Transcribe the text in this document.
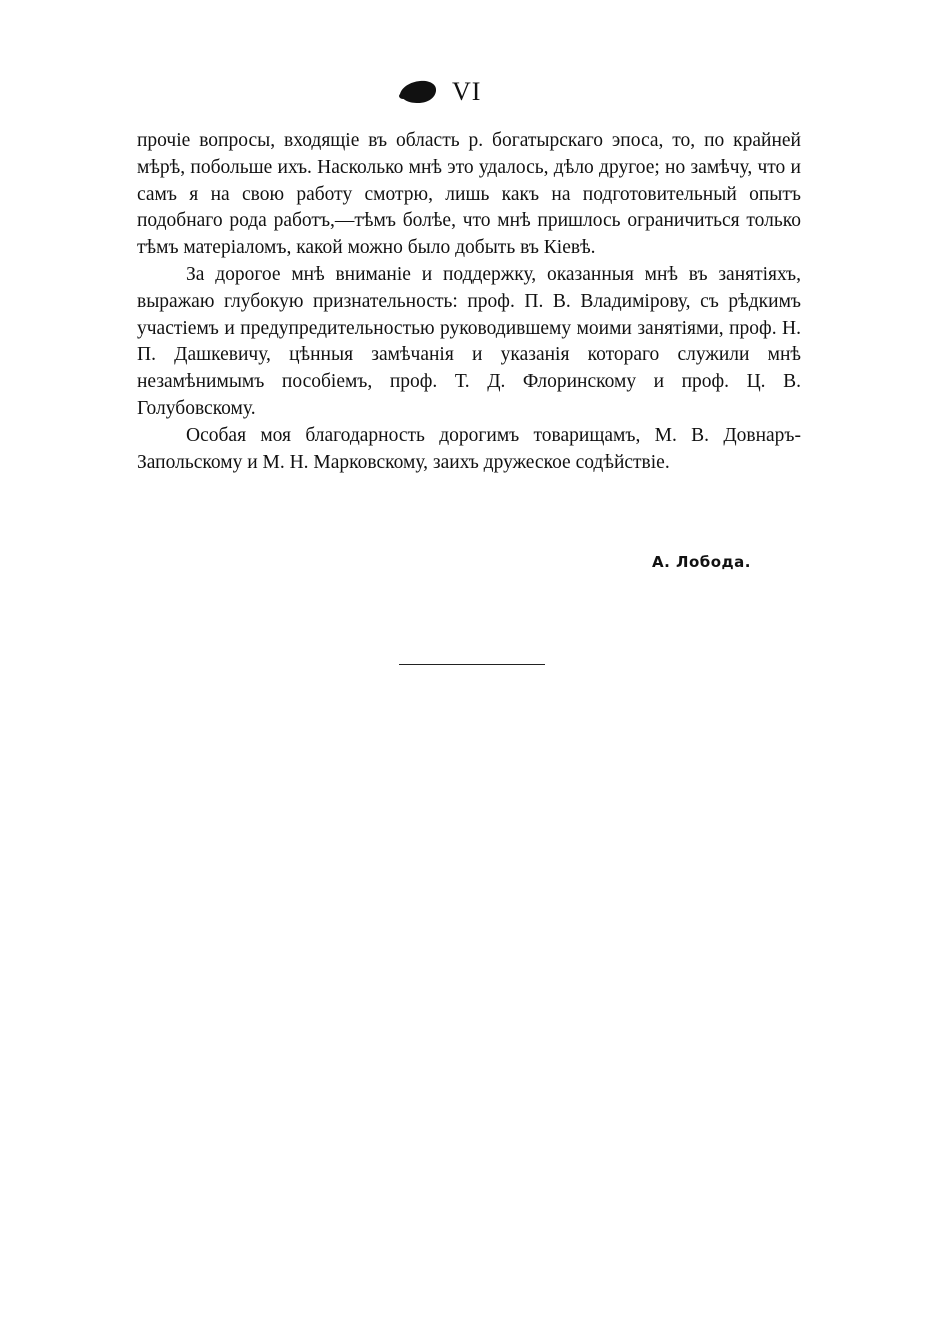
VI

прочіе вопросы, входящіе въ область р. богатырскаго эпоса, то, по крайней мѣрѣ, побольше ихъ. Насколько мнѣ это удалось, дѣло другое; но замѣчу, что и самъ я на свою работу смотрю, лишь какъ на подготовительный опытъ подобнаго рода работъ,—тѣмъ болѣе, что мнѣ пришлось ограничиться только тѣмъ матеріаломъ, какой можно было добыть въ Кіевѣ.

За дорогое мнѣ вниманіе и поддержку, оказанныя мнѣ въ занятіяхъ, выражаю глубокую признательность: проф. П. В. Владимірову, съ рѣдкимъ участіемъ и предупредительностью руководившему моими занятіями, проф. Н. П. Дашкевичу, цѣнныя замѣчанія и указанія котораго служили мнѣ незамѣнимымъ пособіемъ, проф. Т. Д. Флоринскому и проф. Ц. В. Голубовскому.

Особая моя благодарность дорогимъ товарищамъ, М. В. Довнаръ-Запольскому и М. Н. Марковскому, заихъ дружеское содѣйствіе.

А. Лобода.
